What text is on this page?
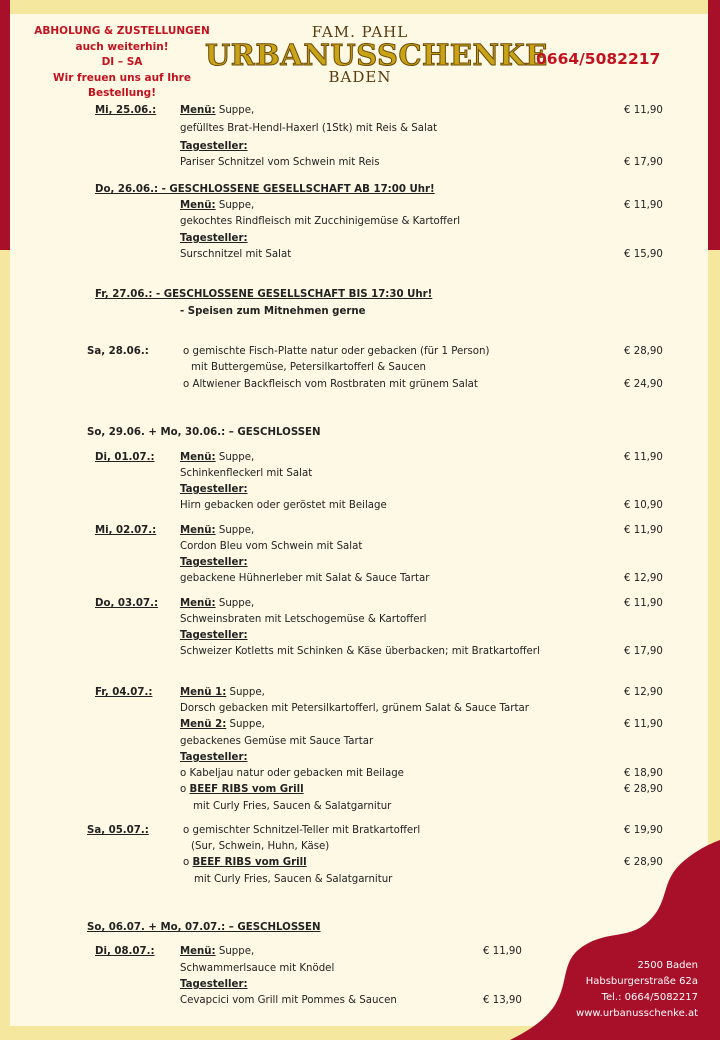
ABHOLUNG & ZUSTELLUNGEN
auch weiterhin!
DI – SA
Wir freuen uns auf Ihre Bestellung!
FAM. PAHL
URBANUSSCHENKE
BADEN
0664/5082217
Mi, 25.06.: Menü: Suppe,	€ 11,90
gefülltes Brat-Hendl-Haxerl (1Stk) mit Reis & Salat
Tagesteller:
Pariser Schnitzel vom Schwein mit Reis	€ 17,90
Do, 26.06.: - GESCHLOSSENE GESELLSCHAFT AB 17:00 Uhr!
Menü: Suppe,	€ 11,90
gekochtes Rindfleisch mit Zucchinigemüse & Kartofferl
Tagesteller:
Surschnitzel mit Salat	€ 15,90
Fr, 27.06.: - GESCHLOSSENE GESELLSCHAFT BIS 17:30 Uhr!
- Speisen zum Mitnehmen gerne
Sa, 28.06.:	o gemischte Fisch-Platte natur oder gebacken (für 1 Person)	€ 28,90
mit Buttergemüse, Petersilkartofferl & Saucen
o Altwiener Backfleisch vom Rostbraten mit grünem Salat	€ 24,90
So, 29.06. + Mo, 30.06.: – GESCHLOSSEN
Di, 01.07.: Menü: Suppe,	€ 11,90
Schinkenfleckerl mit Salat
Tagesteller:
Hirn gebacken oder geröstet mit Beilage	€ 10,90
Mi, 02.07.: Menü: Suppe,	€ 11,90
Cordon Bleu vom Schwein mit Salat
Tagesteller:
gebackene Hühnerleber mit Salat & Sauce Tartar	€ 12,90
Do, 03.07.: Menü: Suppe,	€ 11,90
Schweinsbraten mit Letschogemüse & Kartofferl
Tagesteller:
Schweizer Kotletts mit Schinken & Käse überbacken; mit Bratkartofferl	€ 17,90
Fr, 04.07.:	Menü 1: Suppe,	€ 12,90
Dorsch gebacken mit Petersilkartofferl, grünem Salat & Sauce Tartar
Menü 2: Suppe,	€ 11,90
gebackenes Gemüse mit Sauce Tartar
Tagesteller:
o Kabeljau natur oder gebacken mit Beilage	€ 18,90
o BEEF RIBS vom Grill	€ 28,90
mit Curly Fries, Saucen & Salatgarnitur
Sa, 05.07.:	o gemischter Schnitzel-Teller mit Bratkartofferl	€ 19,90
(Sur, Schwein, Huhn, Käse)
o BEEF RIBS vom Grill	€ 28,90
mit Curly Fries, Saucen & Salatgarnitur
So, 06.07. + Mo, 07.07.: – GESCHLOSSEN
Di, 08.07.: Menü: Suppe,	€ 11,90
Schwammerlsauce mit Knödel
Tagesteller:
Cevapcici vom Grill mit Pommes & Saucen	€ 13,90
2500 Baden
Habsburgerstraße 62a
Tel.: 0664/5082217
www.urbanusschenke.at
